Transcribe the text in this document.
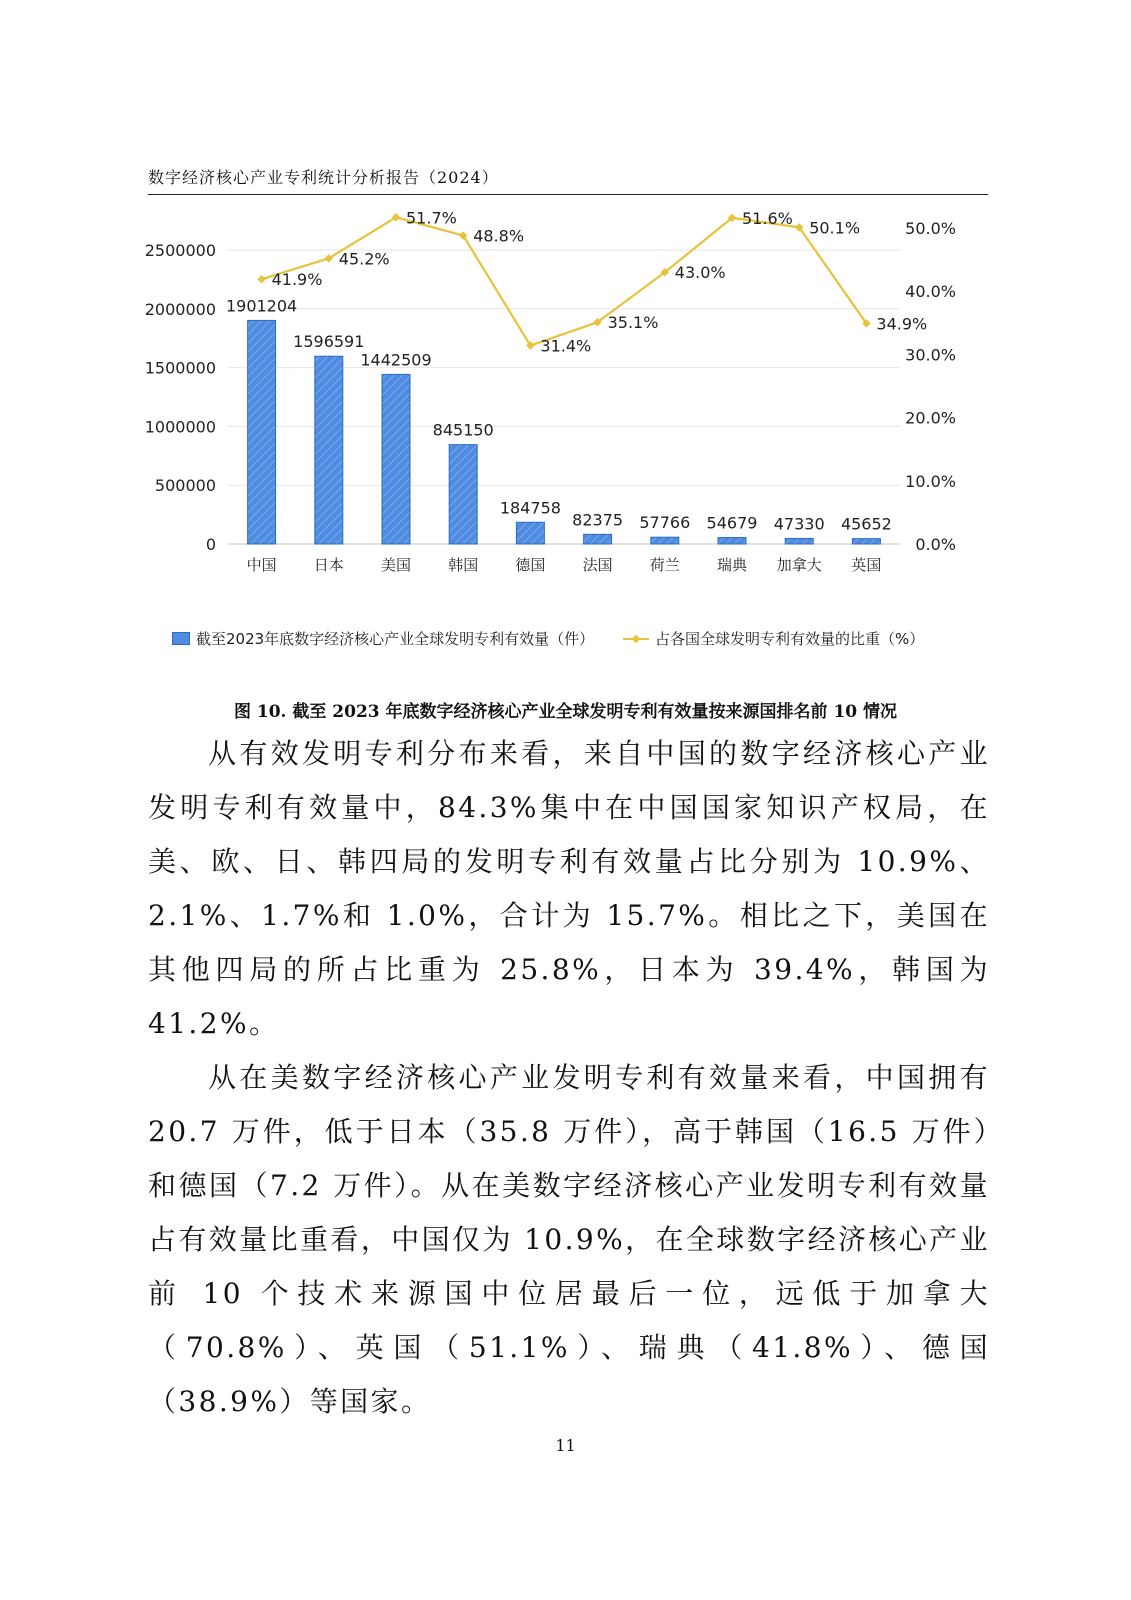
数字经济核心产业专利统计分析报告（2024）
1901204
1596591
1442509
845150
184758
82375 57766 54679 47330 45652
41.9%
45.2%
51.7%
48.8%
31.4%
35.1%
43.0%
51.6% 50.1%
34.9%
0
500000
1000000
1500000
2000000
2500000
0.0%
10.0%
20.0%
30.0%
40.0%
50.0%
中国 日本 美国 韩国 德国 法国 荷兰 瑞典 加拿大 英国
截至2023年底数字经济核心产业全球发明专利有效量（件）	占各国全球发明专利有效量的比重（%）
图 10. 截至 2023 年底数字经济核心产业全球发明专利有效量按来源国排名前 10 情况

从有效发明专利分布来看，来自中国的数字经济核心产业发明专利有效量中，84.3%集中在中国国家知识产权局，在美、欧、日、韩四局的发明专利有效量占比分别为 10.9%、2.1%、1.7%和 1.0%，合计为 15.7%。相比之下，美国在其他四局的所占比重为 25.8%，日本为 39.4%，韩国为 41.2%。

从在美数字经济核心产业发明专利有效量来看，中国拥有 20.7 万件，低于日本（35.8 万件），高于韩国（16.5 万件）和德国（7.2 万件）。从在美数字经济核心产业发明专利有效量占有效量比重看，中国仅为 10.9%，在全球数字经济核心产业前 10 个技术来源国中位居最后一位，远低于加拿大（70.8%）、英国（51.1%）、瑞典（41.8%）、德国（38.9%）等国家。

11
